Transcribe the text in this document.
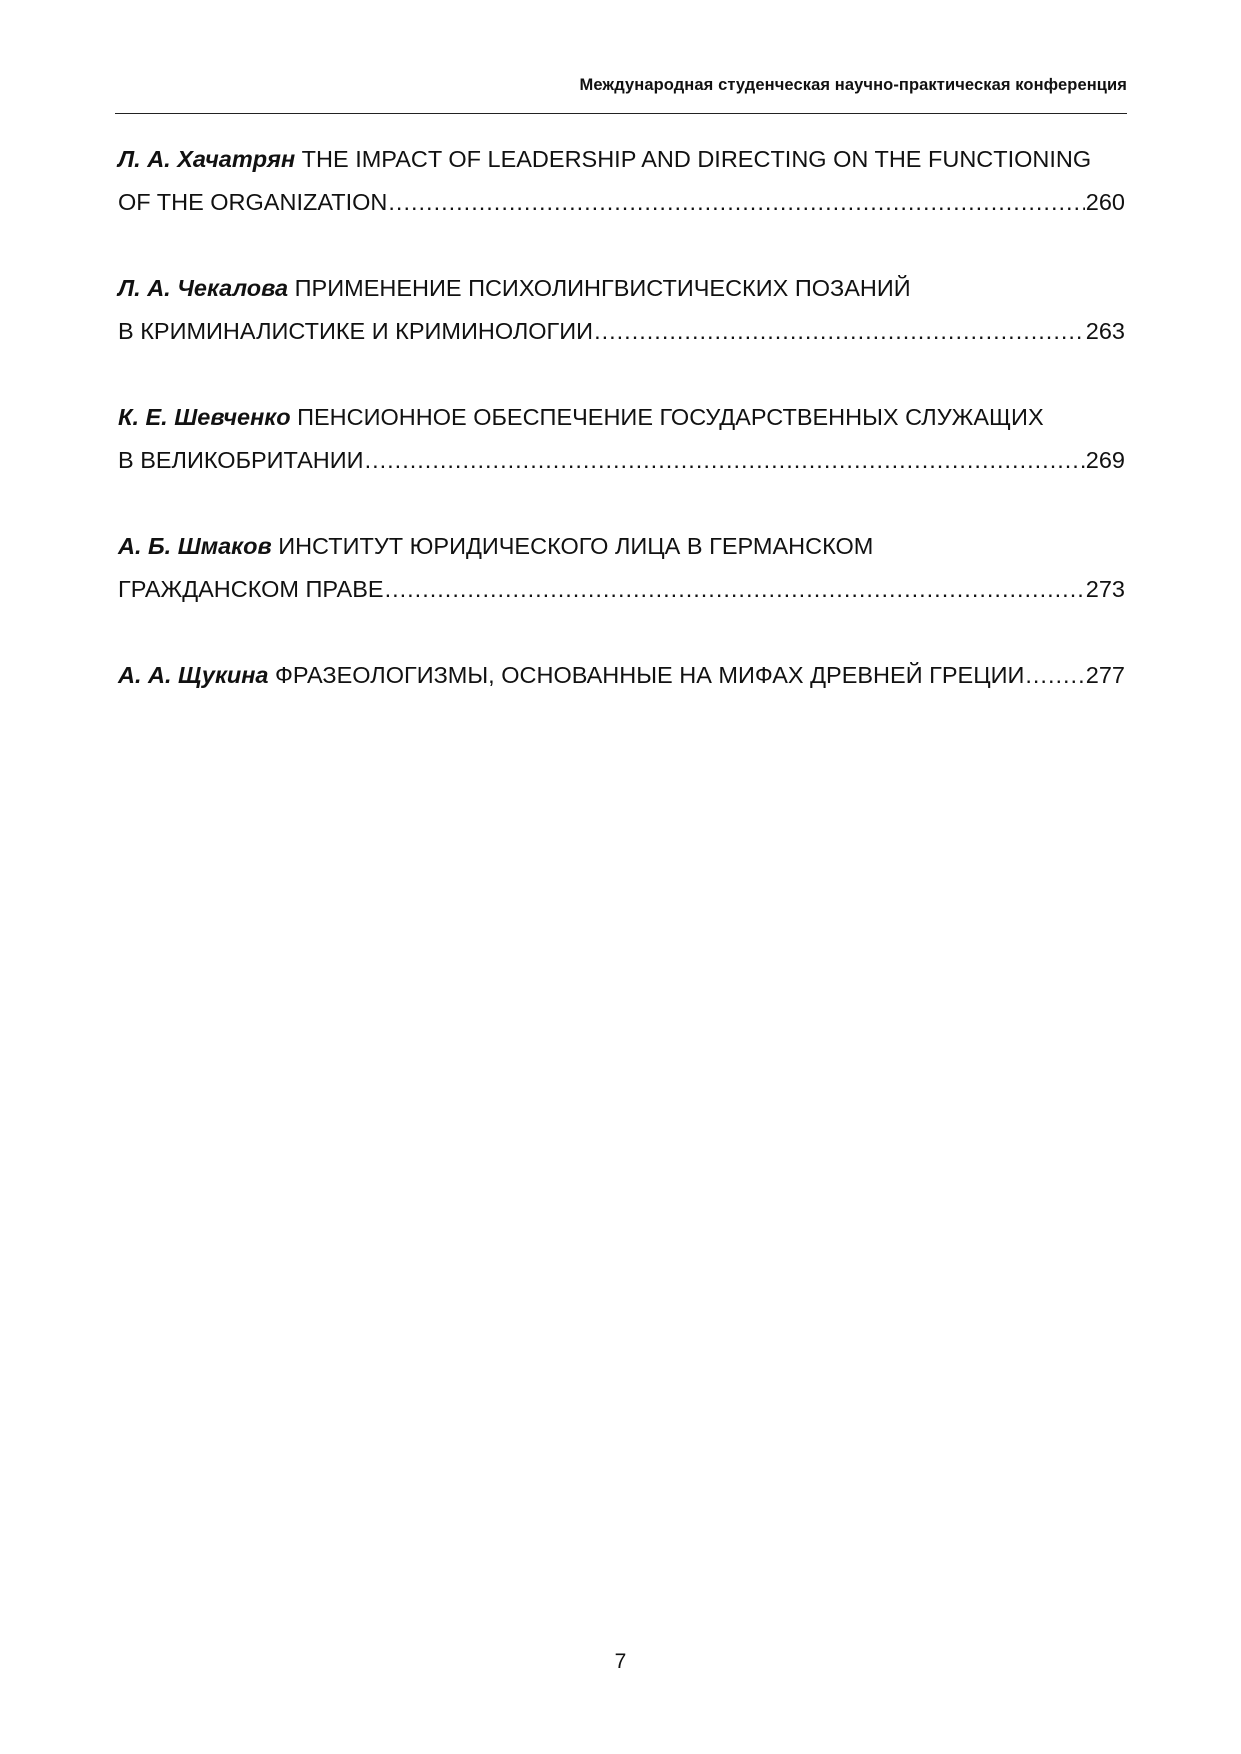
Международная студенческая научно-практическая конференция
Л. А. Хачатрян THE IMPACT OF LEADERSHIP AND DIRECTING ON THE FUNCTIONING
OF THE ORGANIZATION .....	260
Л. А. Чекалова ПРИМЕНЕНИЕ ПСИХОЛИНГВИСТИЧЕСКИХ ПОЗАНИЙ
В КРИМИНАЛИСТИКЕ И КРИМИНОЛОГИИ .....	263
К. Е. Шевченко ПЕНСИОННОЕ ОБЕСПЕЧЕНИЕ ГОСУДАРСТВЕННЫХ СЛУЖАЩИХ
В ВЕЛИКОБРИТАНИИ .....	269
А. Б. Шмаков ИНСТИТУТ ЮРИДИЧЕСКОГО ЛИЦА В ГЕРМАНСКОМ
ГРАЖДАНСКОМ ПРАВЕ .....	273
А. А. Щукина ФРАЗЕОЛОГИЗМЫ, ОСНОВАННЫЕ НА МИФАХ ДРЕВНЕЙ ГРЕЦИИ .....	277
7
